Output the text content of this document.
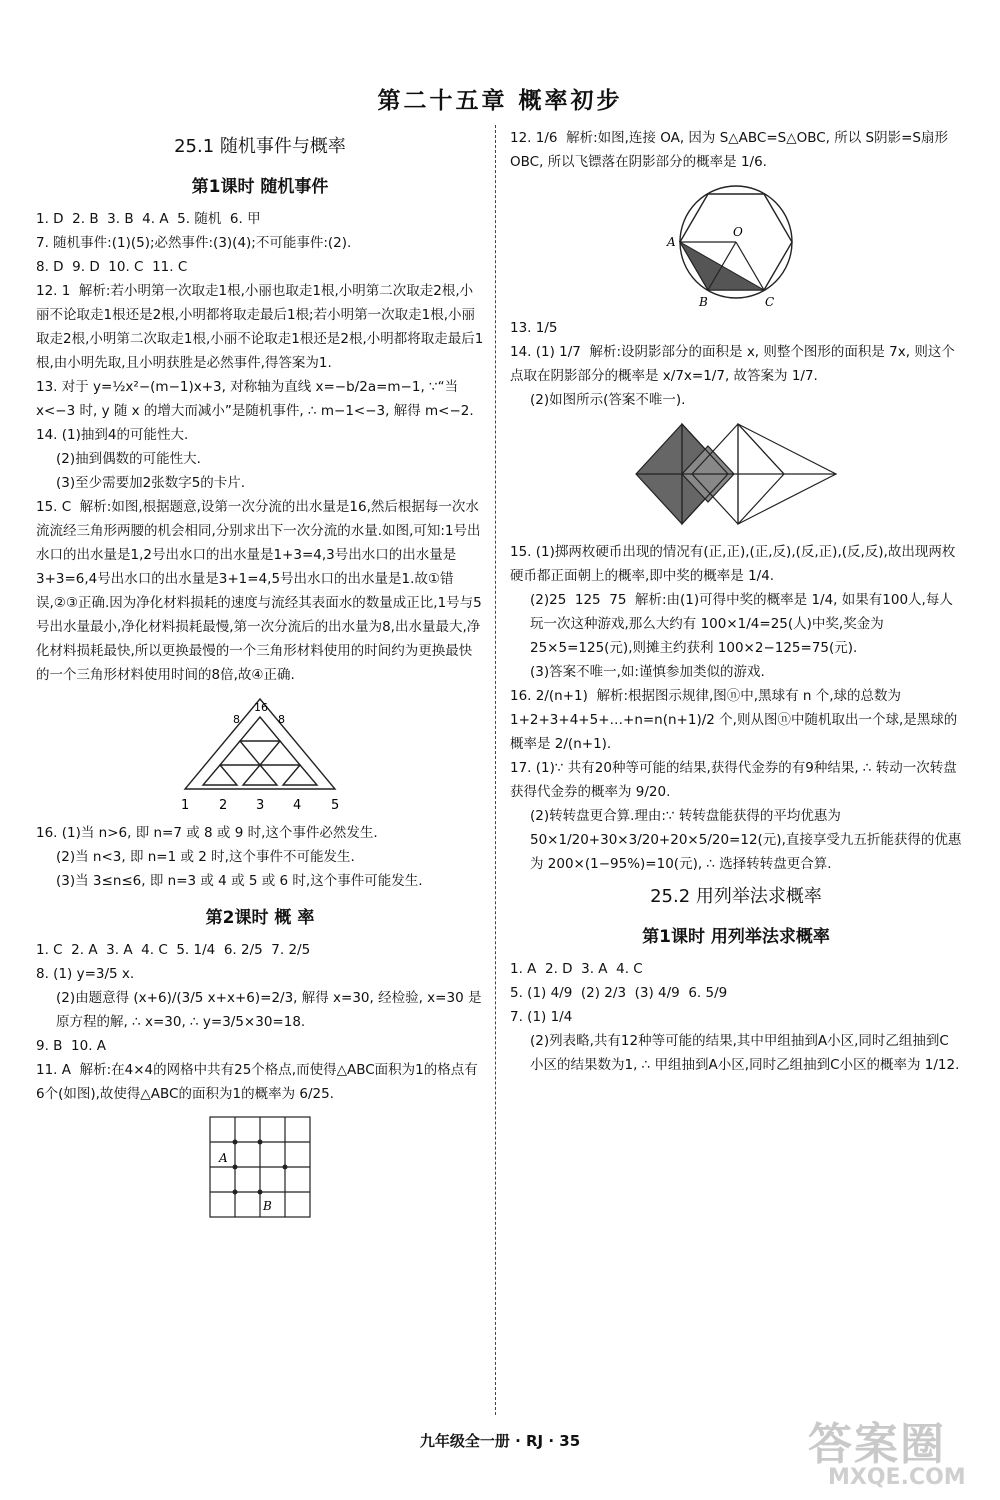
第二十五章 概率初步
25.1 随机事件与概率
第1课时 随机事件

1. D  2. B  3. B  4. A  5. 随机  6. 甲

7. 随机事件:(1)(5);必然事件:(3)(4);不可能事件:(2).

8. D  9. D  10. C  11. C

12. 1  解析:若小明第一次取走1根,小丽也取走1根,小明第二次取走2根,小丽不论取走1根还是2根,小明都将取走最后1根;若小明第一次取走1根,小丽取走2根,小明第二次取走1根,小丽不论取走1根还是2根,小明都将取走最后1根,由小明先取,且小明获胜是必然事件,得答案为1.

13. 对于 y=½x²−(m−1)x+3, 对称轴为直线 x=−b/2a=m−1, ∵“当 x<−3 时, y 随 x 的增大而减小”是随机事件, ∴ m−1<−3, 解得 m<−2.

14. (1)抽到4的可能性大.

(2)抽到偶数的可能性大.

(3)至少需要加2张数字5的卡片.

15. C  解析:如图,根据题意,设第一次分流的出水量是16,然后根据每一次水流流经三角形两腰的机会相同,分别求出下一次分流的水量.如图,可知:1号出水口的出水量是1,2号出水口的出水量是1+3=4,3号出水口的出水量是3+3=6,4号出水口的出水量是3+1=4,5号出水口的出水量是1.故①错误,②③正确.因为净化材料损耗的速度与流经其表面水的数量成正比,1号与5号出水量最小,净化材料损耗最慢,第一次分流后的出水量为8,出水量最大,净化材料损耗最快,所以更换最慢的一个三角形材料使用的时间约为更换最快的一个三角形材料使用时间的8倍,故④正确.

16
8	8
1 2 3 4 5

16. (1)当 n>6, 即 n=7 或 8 或 9 时,这个事件必然发生.

(2)当 n<3, 即 n=1 或 2 时,这个事件不可能发生.

(3)当 3≤n≤6, 即 n=3 或 4 或 5 或 6 时,这个事件可能发生.

第2课时 概 率

1. C  2. A  3. A  4. C  5. 1/4  6. 2/5  7. 2/5

8. (1) y=3/5 x.

(2)由题意得 (x+6)/(3/5 x+x+6)=2/3, 解得 x=30, 经检验, x=30 是原方程的解, ∴ x=30, ∴ y=3/5×30=18.

9. B  10. A

11. A  解析:在4×4的网格中共有25个格点,而使得△ABC面积为1的格点有6个(如图),故使得△ABC的面积为1的概率为 6/25.

A
B

12. 1/6  解析:如图,连接 OA, 因为 S△ABC=S△OBC, 所以 S阴影=S扇形OBC, 所以飞镖落在阴影部分的概率是 1/6.

A
O
B	C

13. 1/5

14. (1) 1/7  解析:设阴影部分的面积是 x, 则整个图形的面积是 7x, 则这个点取在阴影部分的概率是 x/7x=1/7, 故答案为 1/7.

(2)如图所示(答案不唯一).

15. (1)掷两枚硬币出现的情况有(正,正),(正,反),(反,正),(反,反),故出现两枚硬币都正面朝上的概率,即中奖的概率是 1/4.

(2)25  125  75  解析:由(1)可得中奖的概率是 1/4, 如果有100人,每人玩一次这种游戏,那么大约有 100×1/4=25(人)中奖,奖金为 25×5=125(元),则摊主约获利 100×2−125=75(元).

(3)答案不唯一,如:谨慎参加类似的游戏.

16. 2/(n+1)  解析:根据图示规律,图ⓝ中,黑球有 n 个,球的总数为 1+2+3+4+5+…+n=n(n+1)/2 个,则从图ⓝ中随机取出一个球,是黑球的概率是 2/(n+1).

17. (1)∵ 共有20种等可能的结果,获得代金券的有9种结果, ∴ 转动一次转盘获得代金券的概率为 9/20.

(2)转转盘更合算.理由:∵ 转转盘能获得的平均优惠为 50×1/20+30×3/20+20×5/20=12(元),直接享受九五折能获得的优惠为 200×(1−95%)=10(元), ∴ 选择转转盘更合算.

25.2 用列举法求概率
第1课时 用列举法求概率

1. A  2. D  3. A  4. C

5. (1) 4/9  (2) 2/3  (3) 4/9  6. 5/9

7. (1) 1/4

(2)列表略,共有12种等可能的结果,其中甲组抽到A小区,同时乙组抽到C小区的结果数为1, ∴ 甲组抽到A小区,同时乙组抽到C小区的概率为 1/12.

九年级全一册 · RJ · 35	答案圈
MXQE.COM
